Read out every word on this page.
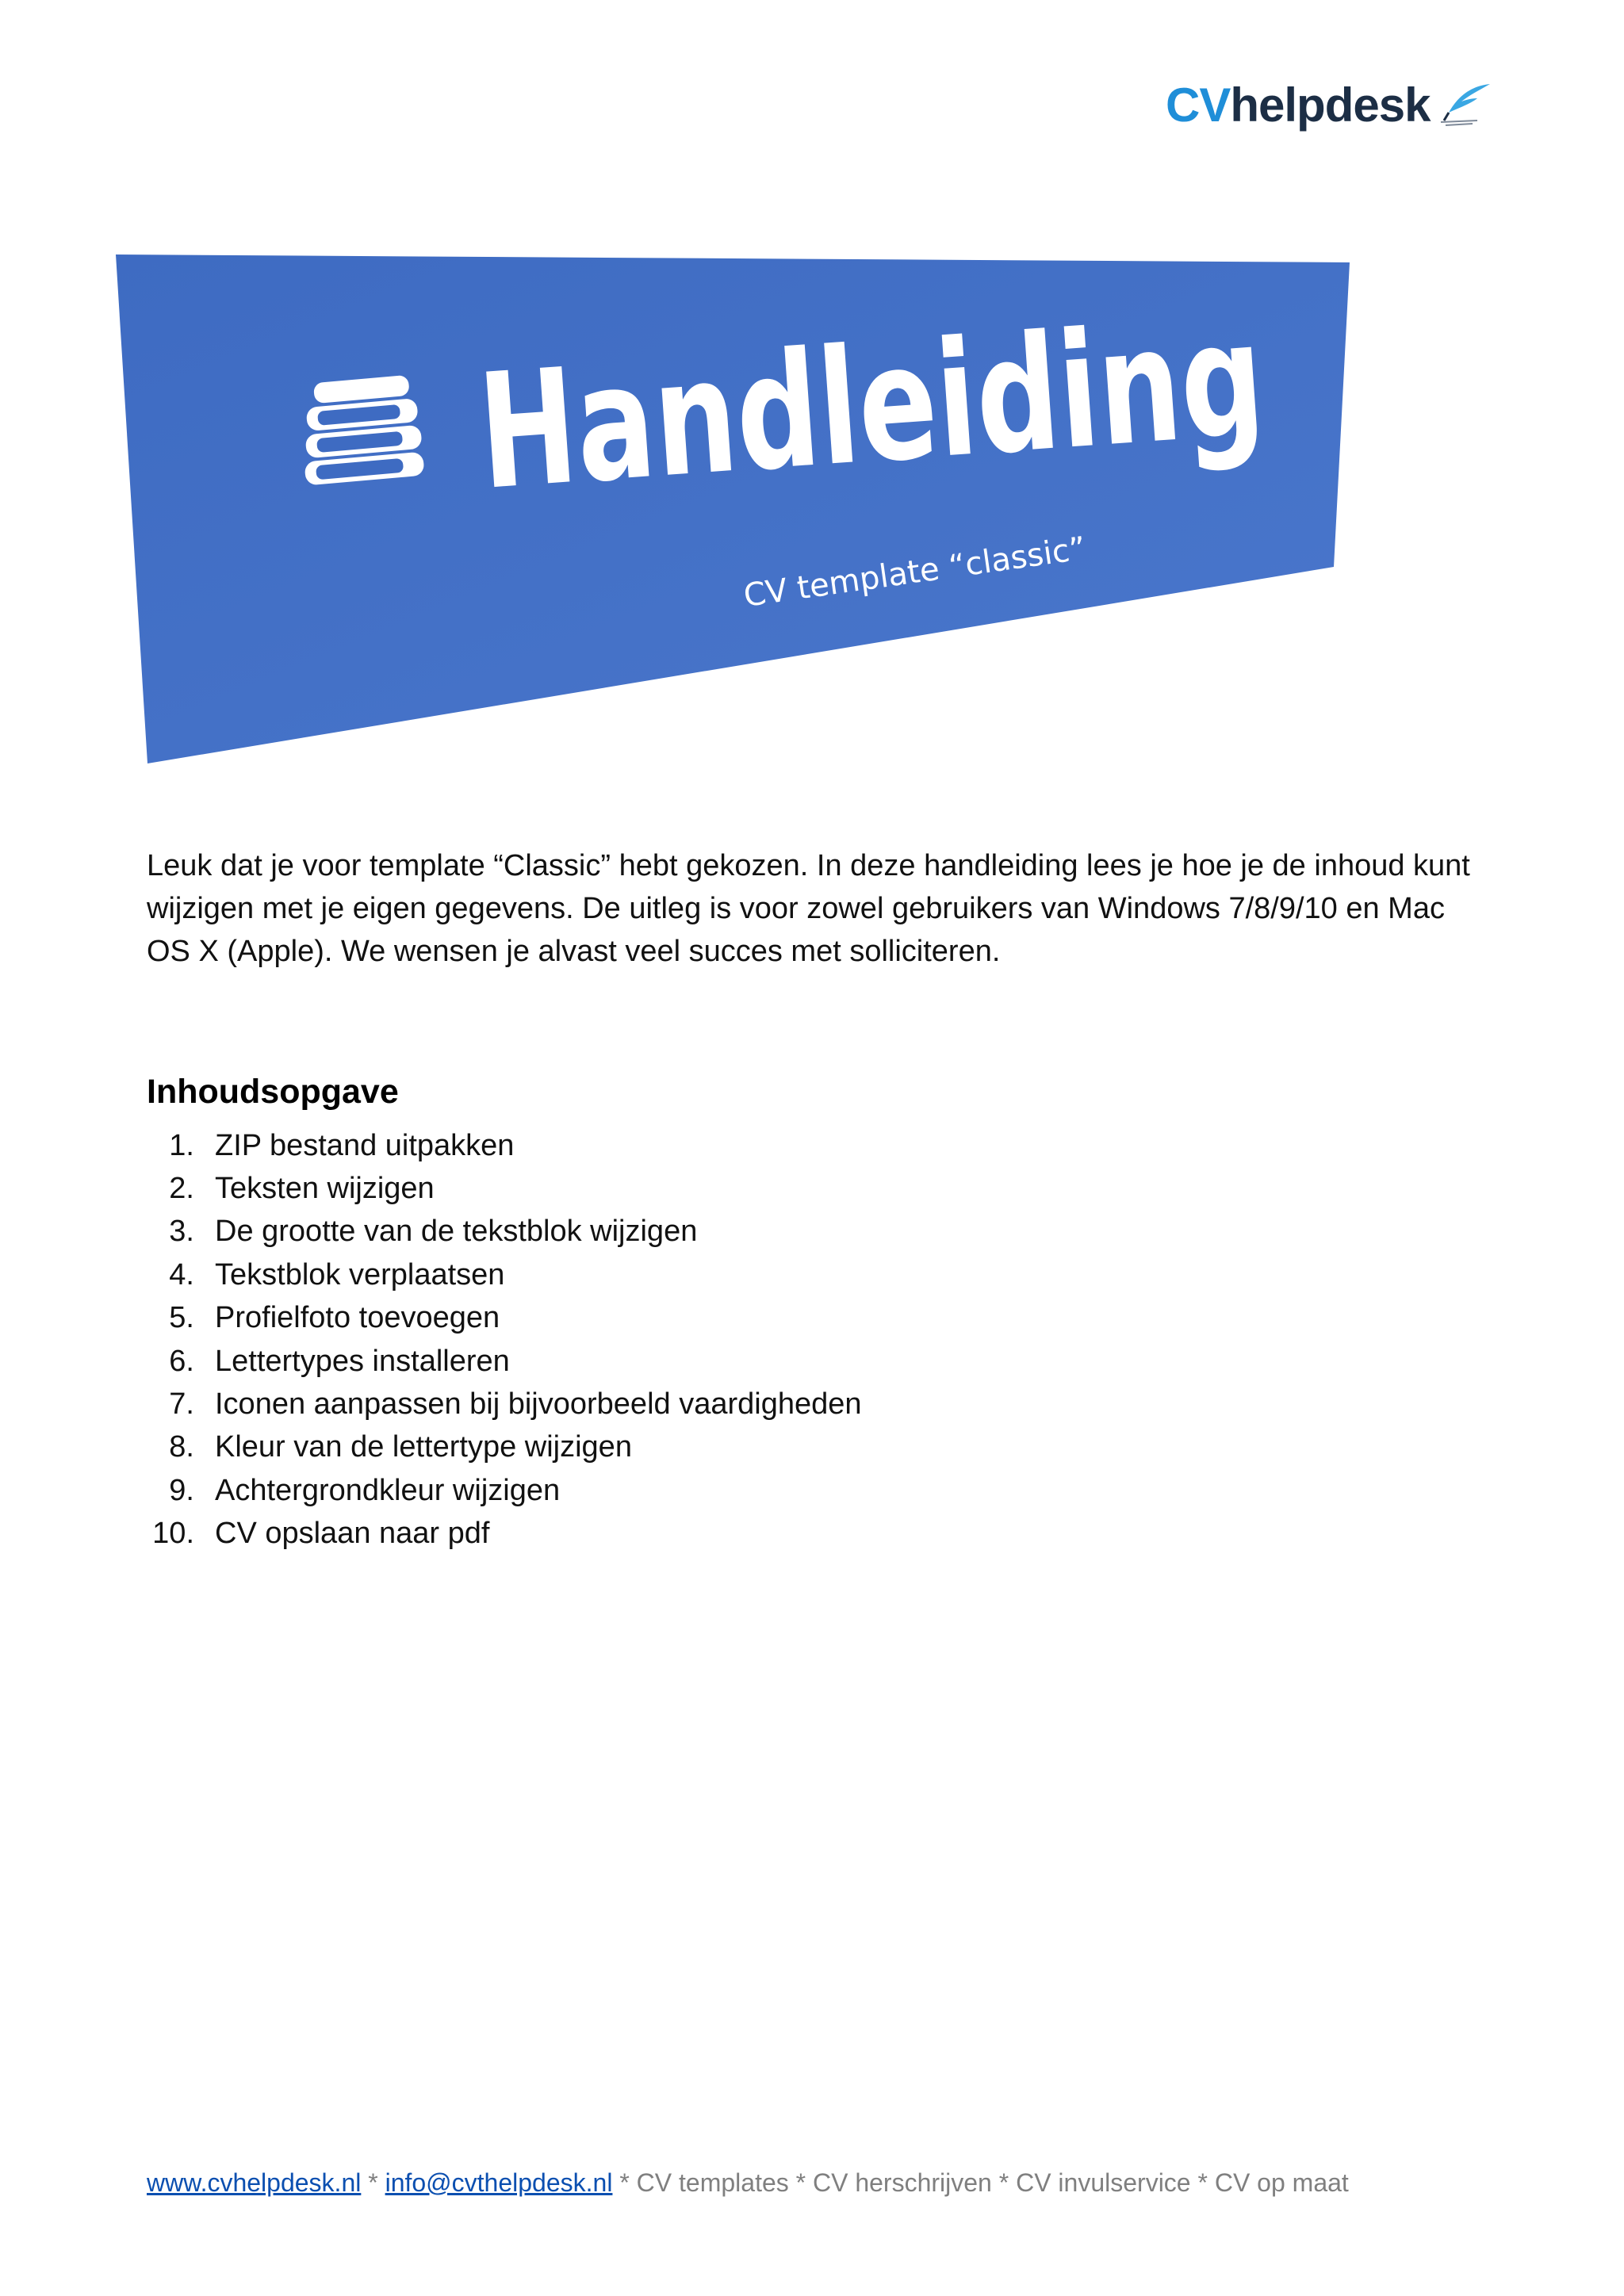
CVhelpdesk
Handleiding
CV template “classic”

Leuk dat je voor template “Classic” hebt gekozen. In deze handleiding lees je hoe je de inhoud kunt wijzigen met je eigen gegevens. De uitleg is voor zowel gebruikers van Windows 7/8/9/10 en Mac OS X (Apple). We wensen je alvast veel succes met solliciteren.

Inhoudsopgave
1. ZIP bestand uitpakken
2. Teksten wijzigen
3. De grootte van de tekstblok wijzigen
4. Tekstblok verplaatsen
5. Profielfoto toevoegen
6. Lettertypes installeren
7. Iconen aanpassen bij bijvoorbeeld vaardigheden
8. Kleur van de lettertype wijzigen
9. Achtergrondkleur wijzigen
10. CV opslaan naar pdf
www.cvhelpdesk.nl * info@cvthelpdesk.nl * CV templates * CV herschrijven * CV invulservice * CV op maat
